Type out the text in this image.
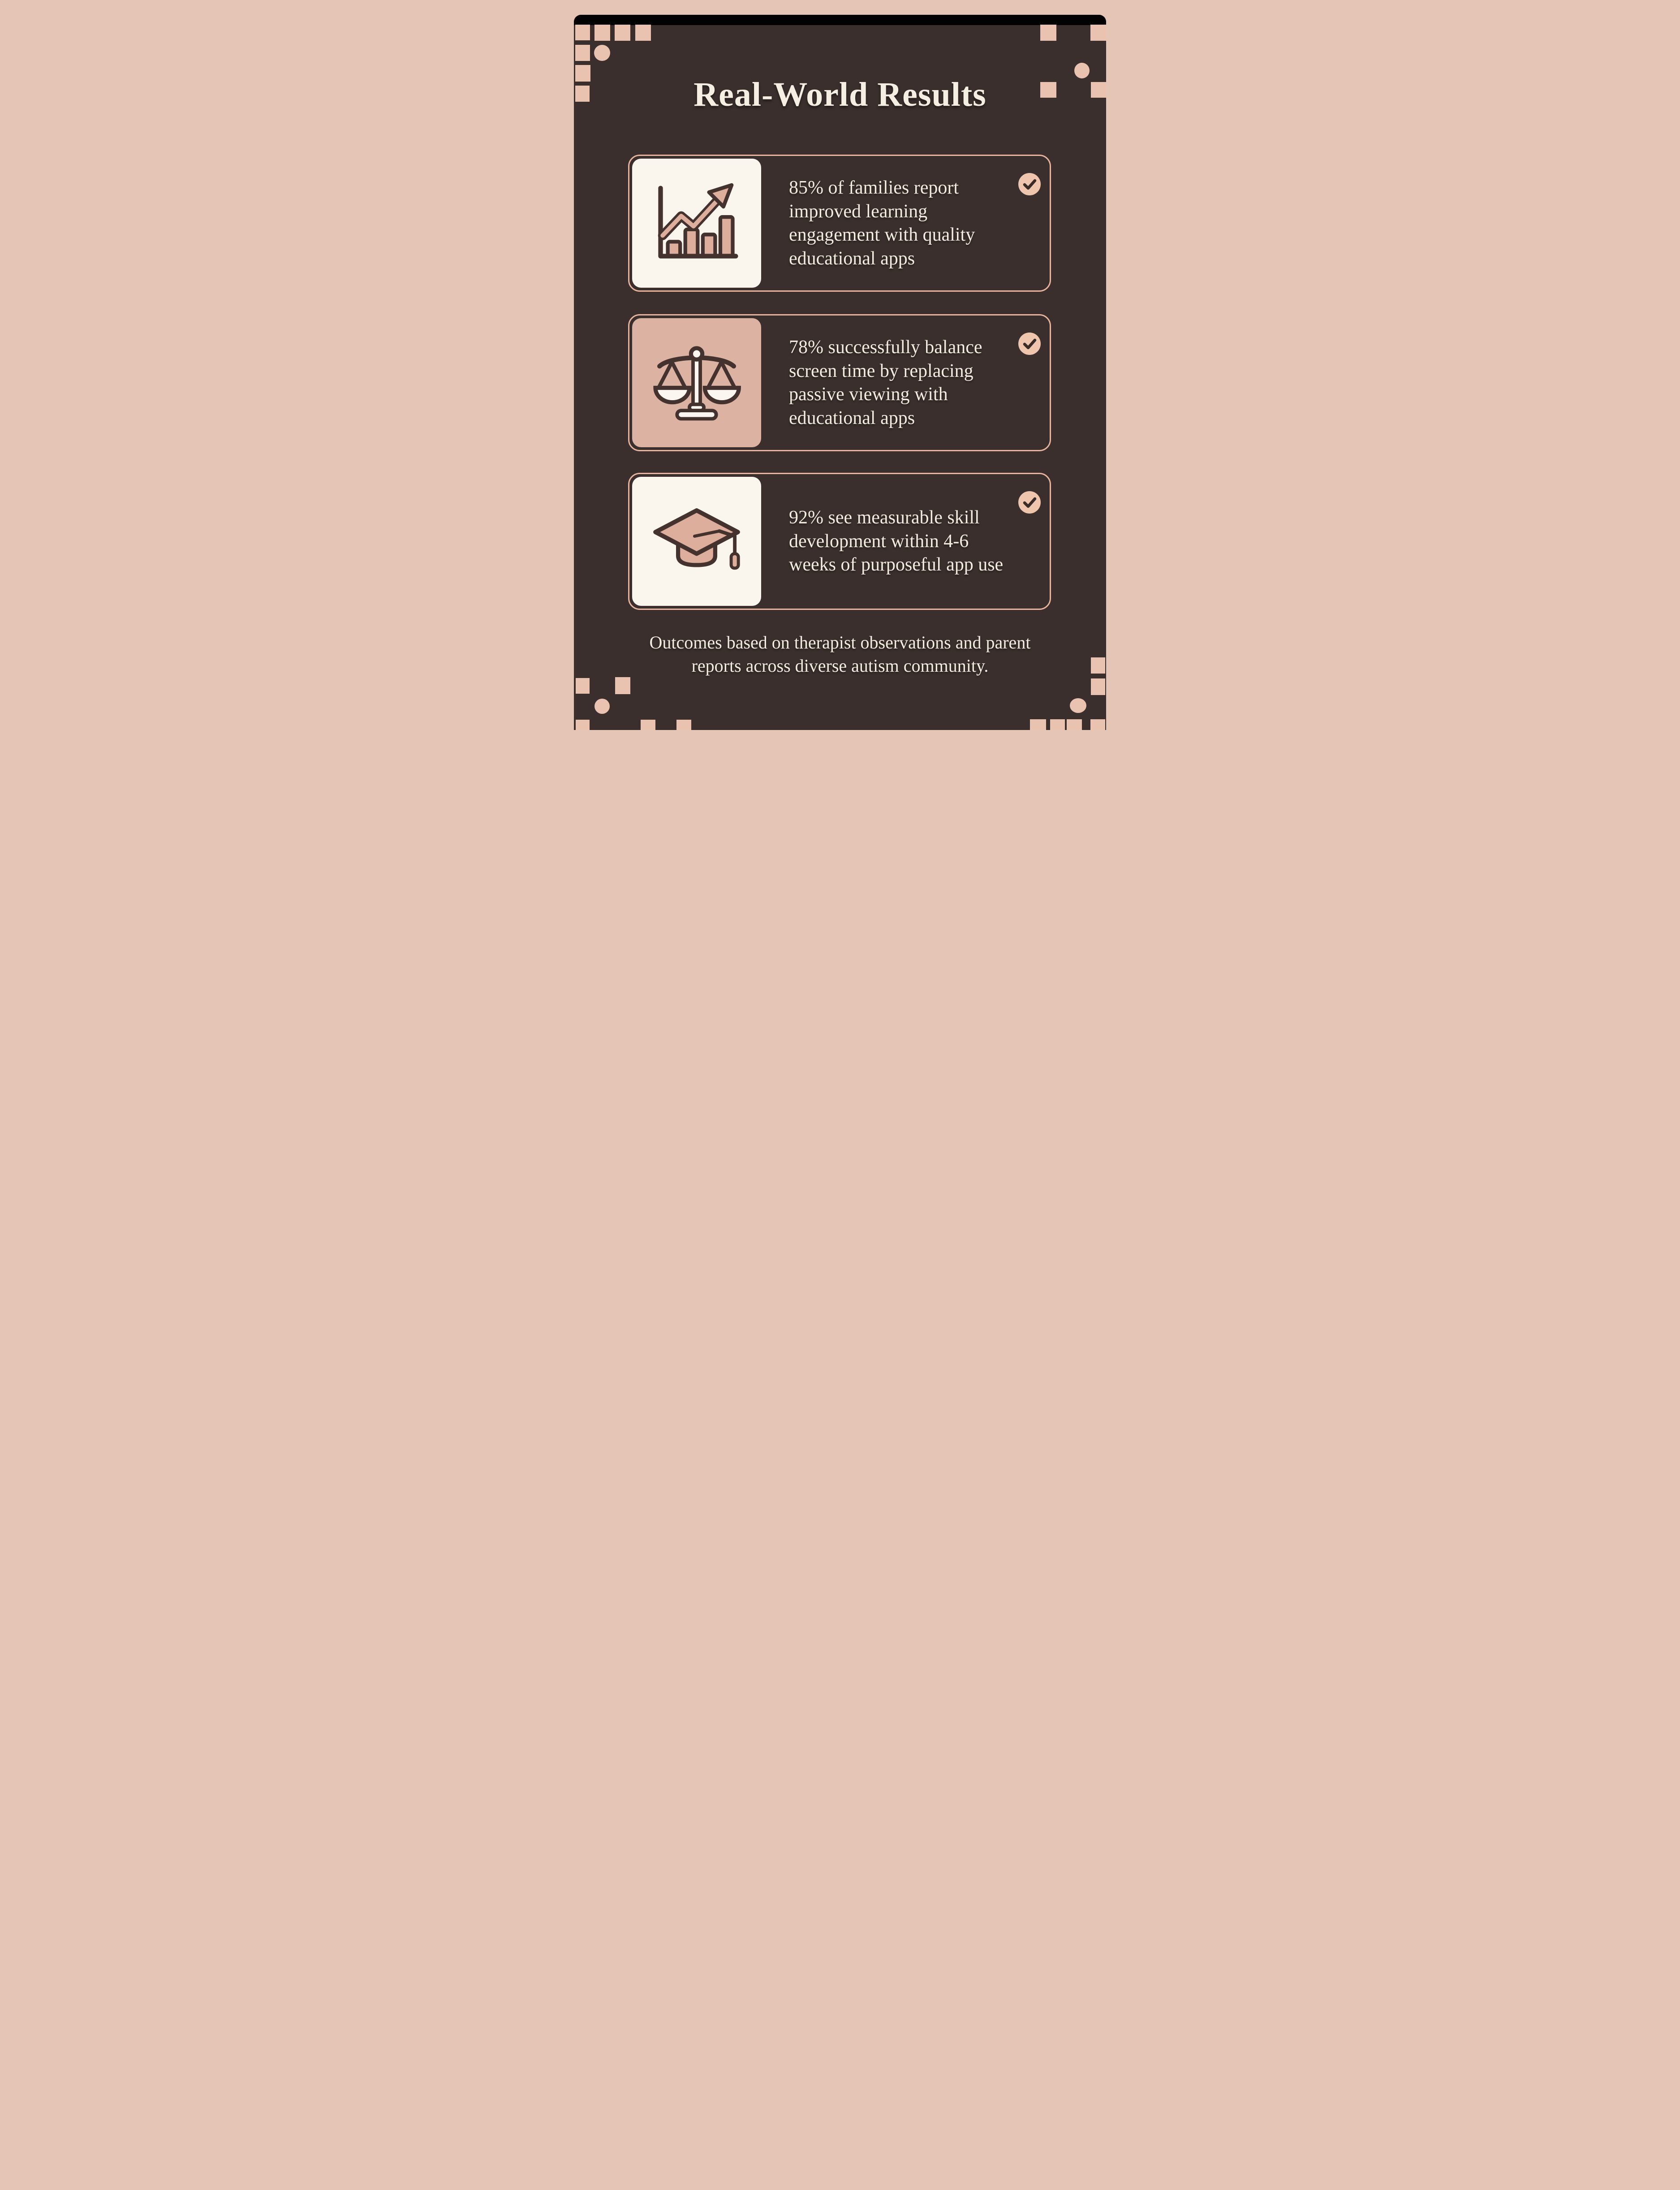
Real-World Results
85% of families report improved learning engagement with quality educational apps
78% successfully balance screen time by replacing passive viewing with educational apps
92% see measurable skill development within 4-6 weeks of purposeful app use

Outcomes based on therapist observations and parent reports across diverse autism community.
